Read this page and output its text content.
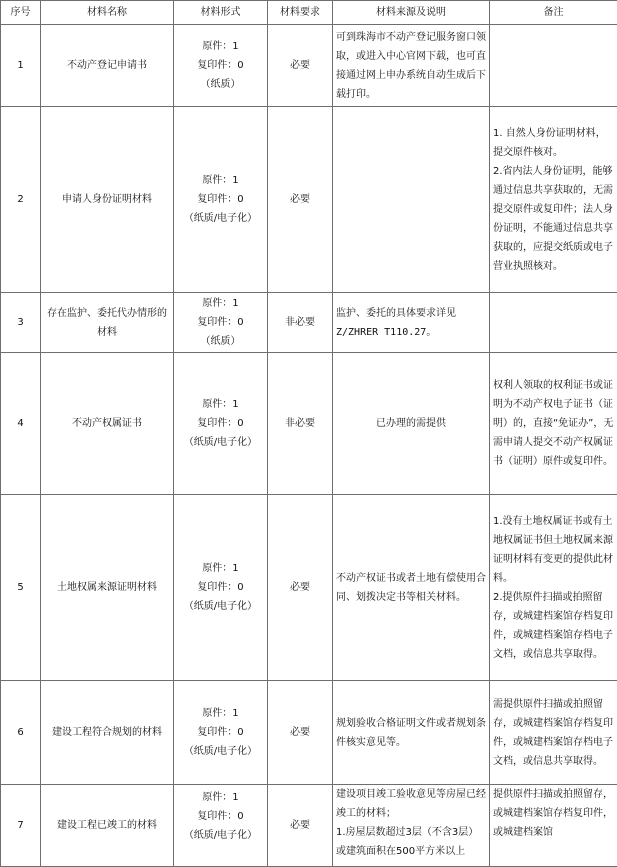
序号	材料名称	材料形式	材料要求	材料来源及说明	备注
1	不动产登记申请书	原件：1
复印件：0
（纸质）	必要	可到珠海市不动产登记服务窗口领取，或进入中心官网下载，也可直接通过网上申办系统自动生成后下载打印。	
2	申请人身份证明材料	原件：1
复印件：0
（纸质/电子化）	必要		1. 自然人身份证明材料，提交原件核对。
2.省内法人身份证明，能够通过信息共享获取的，无需提交原件或复印件；法人身份证明，不能通过信息共享获取的，应提交纸质或电子营业执照核对。
3	存在监护、委托代办情形的材料	原件：1
复印件：0
（纸质）	非必要	监护、委托的具体要求详见Z/ZHRER T110.27。	
4	不动产权属证书	原件：1
复印件：0
（纸质/电子化）	非必要	已办理的需提供	权利人领取的权利证书或证明为不动产权电子证书（证明）的，直接“免证办”，无需申请人提交不动产权属证书（证明）原件或复印件。
5	土地权属来源证明材料	原件：1
复印件：0
（纸质/电子化）	必要	不动产权证书或者土地有偿使用合同、划拨决定书等相关材料。	1.没有土地权属证书或有土地权属证书但土地权属来源证明材料有变更的提供此材料。
2.提供原件扫描或拍照留存，或城建档案馆存档复印件，或城建档案馆存档电子文档，或信息共享取得。
6	建设工程符合规划的材料	原件：1
复印件：0
（纸质/电子化）	必要	规划验收合格证明文件或者规划条件核实意见等。	需提供原件扫描或拍照留存，或城建档案馆存档复印件，或城建档案馆存档电子文档，或信息共享取得。
7	建设工程已竣工的材料	原件：1
复印件：0
（纸质/电子化）	必要	建设项目竣工验收意见等房屋已经竣工的材料；
1.房屋层数超过3层（不含3层）或建筑面积在500平方米以上	提供原件扫描或拍照留存，或城建档案馆存档复印件，或城建档案馆
